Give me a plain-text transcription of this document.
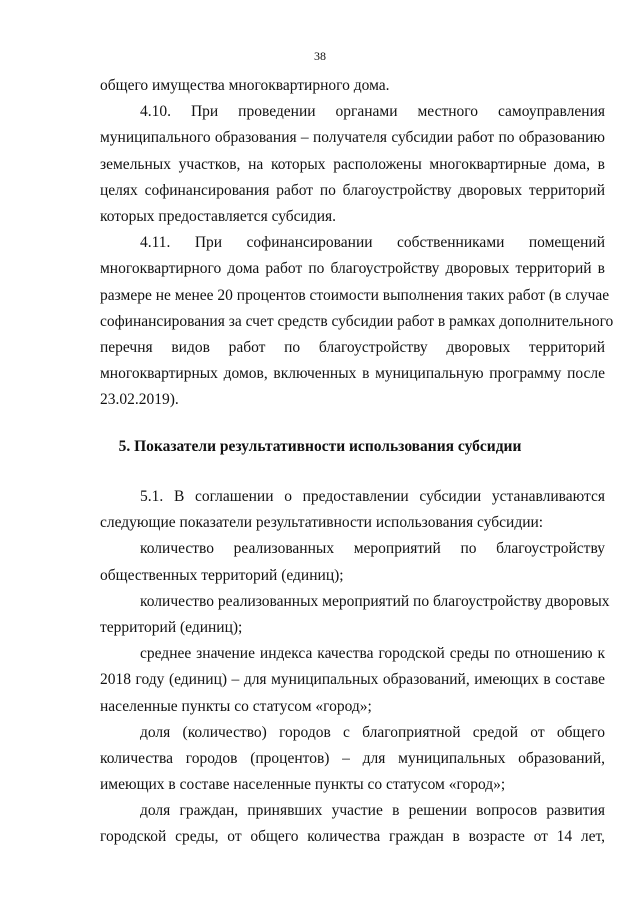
38
общего имущества многоквартирного дома.
4.10. При проведении органами местного самоуправления
муниципального образования – получателя субсидии работ по образованию
земельных участков, на которых расположены многоквартирные дома, в
целях софинансирования работ по благоустройству дворовых территорий
которых предоставляется субсидия.
4.11. При софинансировании собственниками помещений
многоквартирного дома работ по благоустройству дворовых территорий в
размере не менее 20 процентов стоимости выполнения таких работ (в случае
софинансирования за счет средств субсидии работ в рамках дополнительного
перечня видов работ по благоустройству дворовых территорий
многоквартирных домов, включенных в муниципальную программу после
23.02.2019).
5. Показатели результативности использования субсидии
5.1. В соглашении о предоставлении субсидии устанавливаются
следующие показатели результативности использования субсидии:
количество реализованных мероприятий по благоустройству
общественных территорий (единиц);
количество реализованных мероприятий по благоустройству дворовых
территорий (единиц);
среднее значение индекса качества городской среды по отношению к
2018 году (единиц) – для муниципальных образований, имеющих в составе
населенные пункты со статусом «город»;
доля (количество) городов с благоприятной средой от общего
количества городов (процентов) – для муниципальных образований,
имеющих в составе населенные пункты со статусом «город»;
доля граждан, принявших участие в решении вопросов развития
городской среды, от общего количества граждан в возрасте от 14 лет,
